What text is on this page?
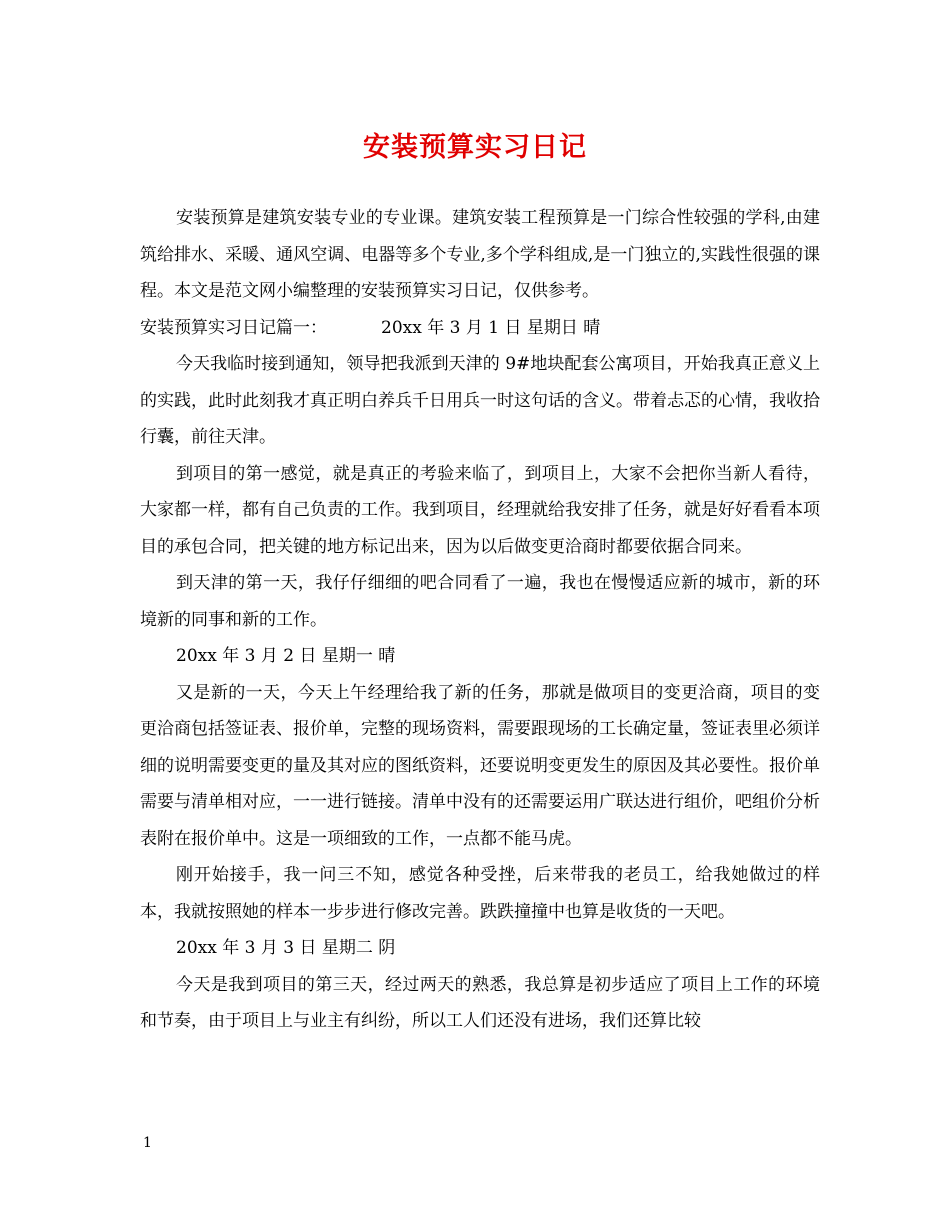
安装预算实习日记

安装预算是建筑安装专业的专业课。建筑安装工程预算是一门综合性较强的学科,由建筑给排水、采暖、通风空调、电器等多个专业,多个学科组成,是一门独立的,实践性很强的课程。本文是范文网小编整理的安装预算实习日记，仅供参考。

安装预算实习日记篇一：	20xx 年 3 月 1 日 星期日 晴

今天我临时接到通知，领导把我派到天津的 9#地块配套公寓项目，开始我真正意义上的实践，此时此刻我才真正明白养兵千日用兵一时这句话的含义。带着忐忑的心情，我收拾行囊，前往天津。

到项目的第一感觉，就是真正的考验来临了，到项目上，大家不会把你当新人看待，大家都一样，都有自己负责的工作。我到项目，经理就给我安排了任务，就是好好看看本项目的承包合同，把关键的地方标记出来，因为以后做变更洽商时都要依据合同来。

到天津的第一天，我仔仔细细的吧合同看了一遍，我也在慢慢适应新的城市，新的环境新的同事和新的工作。

20xx 年 3 月 2 日 星期一 晴

又是新的一天，今天上午经理给我了新的任务，那就是做项目的变更洽商，项目的变更洽商包括签证表、报价单，完整的现场资料，需要跟现场的工长确定量，签证表里必须详细的说明需要变更的量及其对应的图纸资料，还要说明变更发生的原因及其必要性。报价单需要与清单相对应，一一进行链接。清单中没有的还需要运用广联达进行组价，吧组价分析表附在报价单中。这是一项细致的工作，一点都不能马虎。

刚开始接手，我一问三不知，感觉各种受挫，后来带我的老员工，给我她做过的样本，我就按照她的样本一步步进行修改完善。跌跌撞撞中也算是收货的一天吧。

20xx 年 3 月 3 日 星期二 阴

今天是我到项目的第三天，经过两天的熟悉，我总算是初步适应了项目上工作的环境和节奏，由于项目上与业主有纠纷，所以工人们还没有进场，我们还算比较

1
